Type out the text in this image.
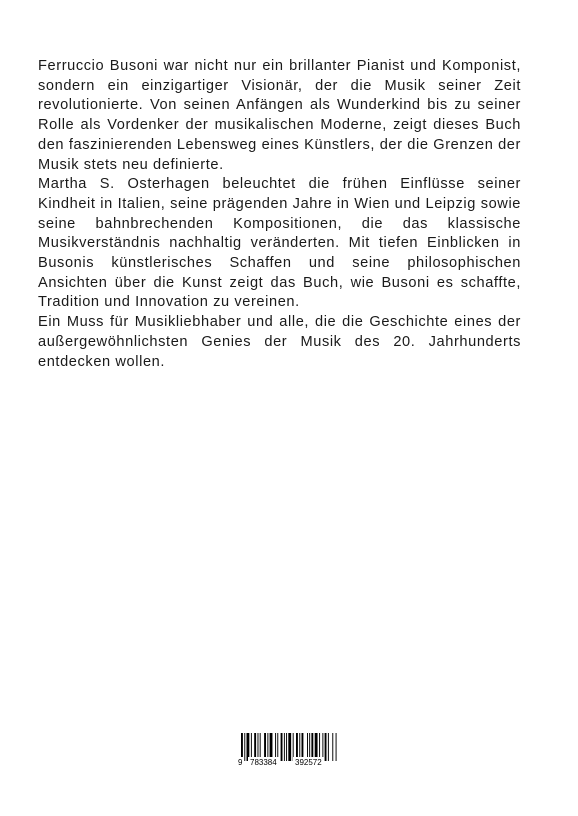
Ferruccio Busoni war nicht nur ein brillanter Pianist und Komponist, sondern ein einzigartiger Visionär, der die Musik seiner Zeit revolutionierte. Von seinen Anfängen als Wunderkind bis zu seiner Rolle als Vordenker der musikalischen Moderne, zeigt dieses Buch den faszinierenden Lebensweg eines Künstlers, der die Grenzen der Musik stets neu definierte.

Martha S. Osterhagen beleuchtet die frühen Einflüsse seiner Kindheit in Italien, seine prägenden Jahre in Wien und Leipzig sowie seine bahnbrechenden Kompositionen, die das klassische Musikverständnis nachhaltig veränderten. Mit tiefen Einblicken in Busonis künstlerisches Schaffen und seine philosophischen Ansichten über die Kunst zeigt das Buch, wie Busoni es schaffte, Tradition und Innovation zu vereinen.

Ein Muss für Musikliebhaber und alle, die die Geschichte eines der außergewöhnlichsten Genies der Musik des 20. Jahrhunderts entdecken wollen.

9 783384 392572
